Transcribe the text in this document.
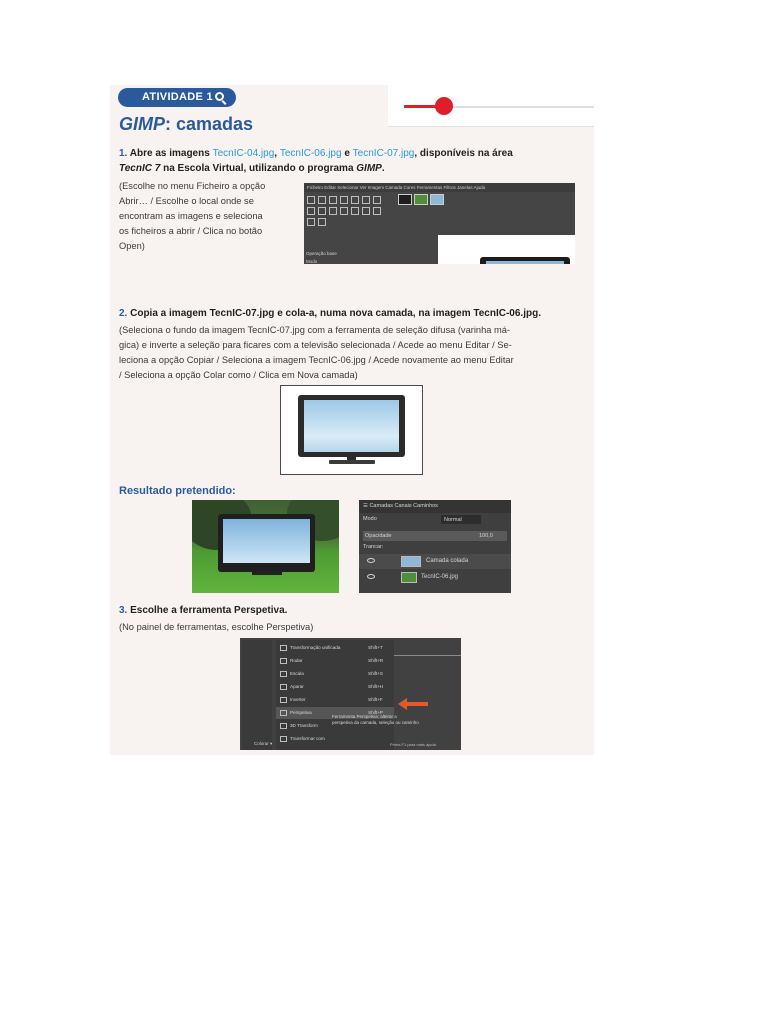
ATIVIDADE 1
GIMP: camadas
1. Abre as imagens TecnIC-04.jpg, TecnIC-06.jpg e TecnIC-07.jpg, disponíveis na área
TecnIC 7 na Escola Virtual, utilizando o programa GIMP.
(Escolhe no menu Ficheiro a opção
Abrir… / Escolhe o local onde se
encontram as imagens e seleciona
os ficheiros a abrir / Clica no botão
Open)
Ficheiro Editar Selecionar Ver Imagem Camada Cores Ferramentas Filtros Janelas Ajuda
Operação base
Modo
2. Copia a imagem TecnIC-07.jpg e cola-a, numa nova camada, na imagem TecnIC-06.jpg.
(Seleciona o fundo da imagem TecnIC-07.jpg com a ferramenta de seleção difusa (varinha má-
gica) e inverte a seleção para ficares com a televisão selecionada / Acede ao menu Editar / Se-
leciona a opção Copiar / Seleciona a imagem TecnIC-06.jpg / Acede novamente ao menu Editar
/ Seleciona a opção Colar como / Clica em Nova camada)
Resultado pretendido:
☰ Camadas Canais Caminhos
Modo	Normal
Opacidade	100,0
Trancar:
Camada colada
TecnIC-06.jpg
3. Escolhe a ferramenta Perspetiva.
(No painel de ferramentas, escolhe Perspetiva)
Transformação unificada	Shift+T
Rodar	Shift+R
Escala	Shift+S
Aparar	Shift+H
Inverter	Shift+F
Perspetiva	Shift+P
3D Transform
Transformar com
Ferramenta Perspetiva: alterar a
perspetiva da camada, seleção ou caminho
Prima F1 para mais ajuda
Colorar ▾
